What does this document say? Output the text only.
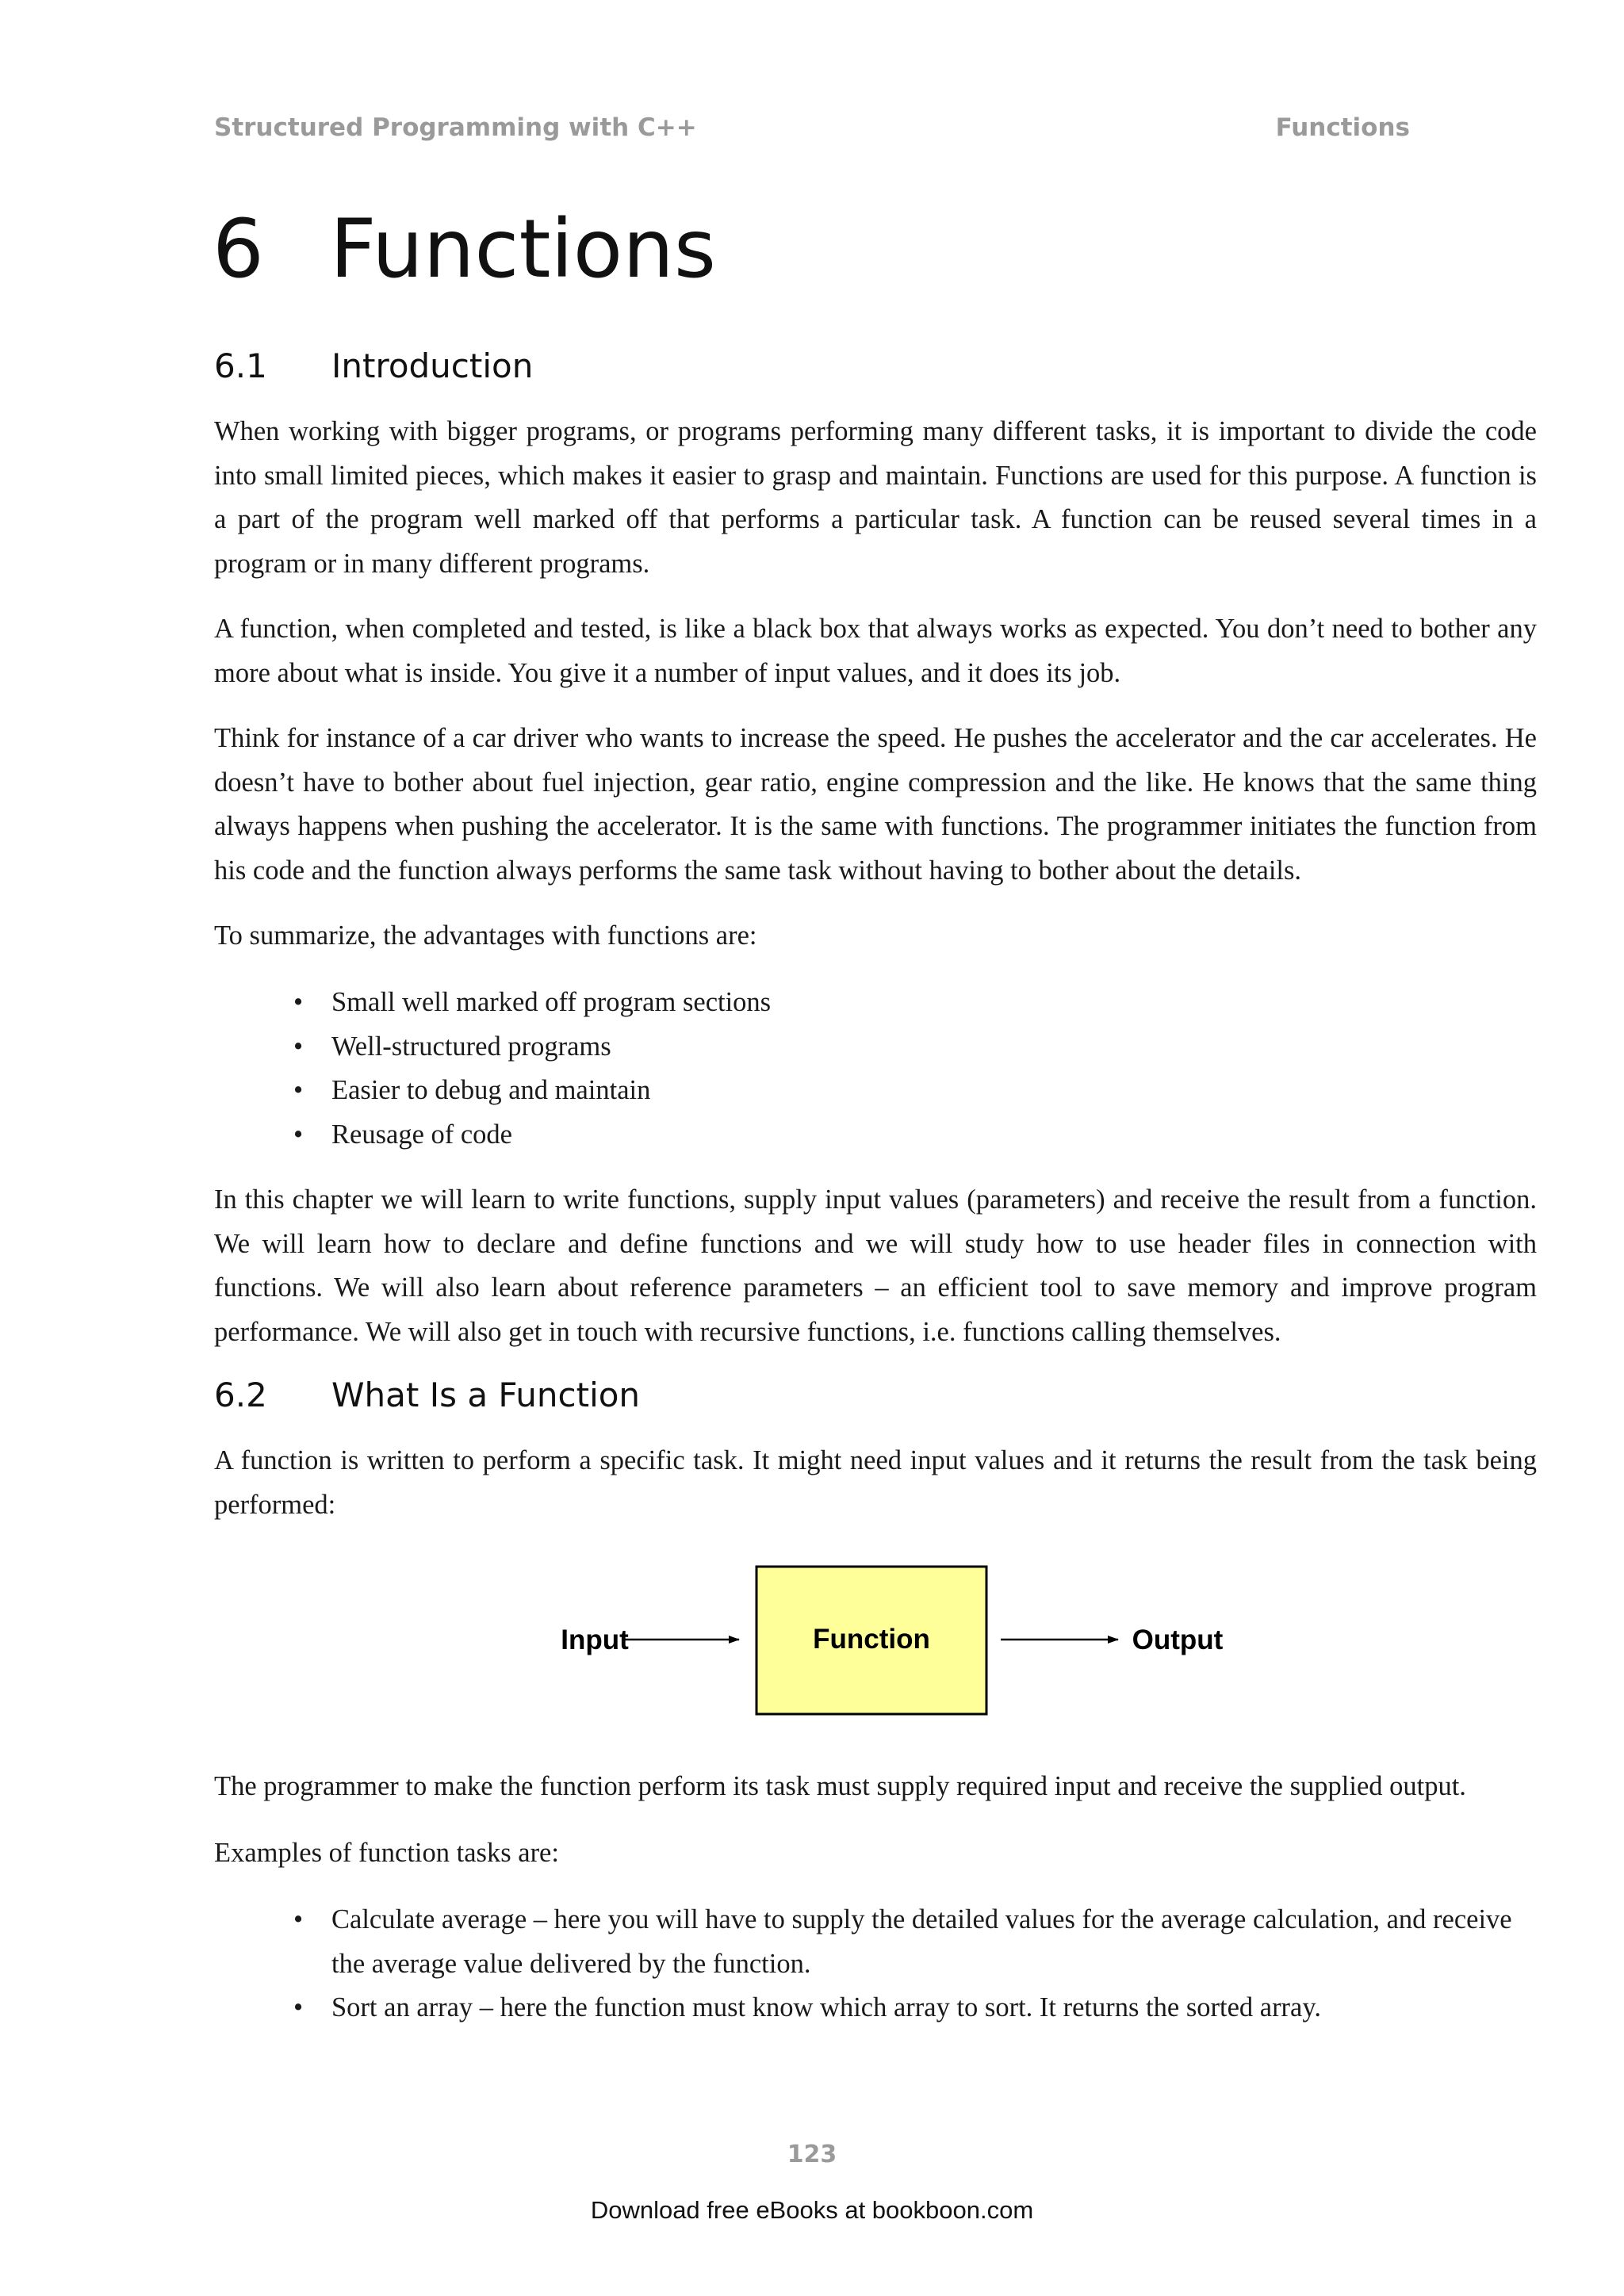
Structured Programming with C++	Functions
6 Functions
6.1 Introduction

When working with bigger programs, or programs performing many different tasks, it is important to divide the code into small limited pieces, which makes it easier to grasp and maintain. Functions are used for this purpose. A function is a part of the program well marked off that performs a particular task. A function can be reused several times in a program or in many different programs.

A function, when completed and tested, is like a black box that always works as expected. You don’t need to bother any more about what is inside. You give it a number of input values, and it does its job.

Think for instance of a car driver who wants to increase the speed. He pushes the accelerator and the car accelerates. He doesn’t have to bother about fuel injection, gear ratio, engine compression and the like. He knows that the same thing always happens when pushing the accelerator. It is the same with functions. The programmer initiates the function from his code and the function always performs the same task without having to bother about the details.

To summarize, the advantages with functions are:

• Small well marked off program sections
• Well-structured programs
• Easier to debug and maintain
• Reusage of code

In this chapter we will learn to write functions, supply input values (parameters) and receive the result from a function. We will learn how to declare and define functions and we will study how to use header files in connection with functions. We will also learn about reference parameters – an efficient tool to save memory and improve program performance. We will also get in touch with recursive functions, i.e. functions calling themselves.

6.2 What Is a Function

A function is written to perform a specific task. It might need input values and it returns the result from the task being performed:

Input	Function	Output

The programmer to make the function perform its task must supply required input and receive the supplied output.

Examples of function tasks are:

• Calculate average – here you will have to supply the detailed values for the average calculation, and receive the average value delivered by the function.
• Sort an array – here the function must know which array to sort. It returns the sorted array.
123
Download free eBooks at bookboon.com
